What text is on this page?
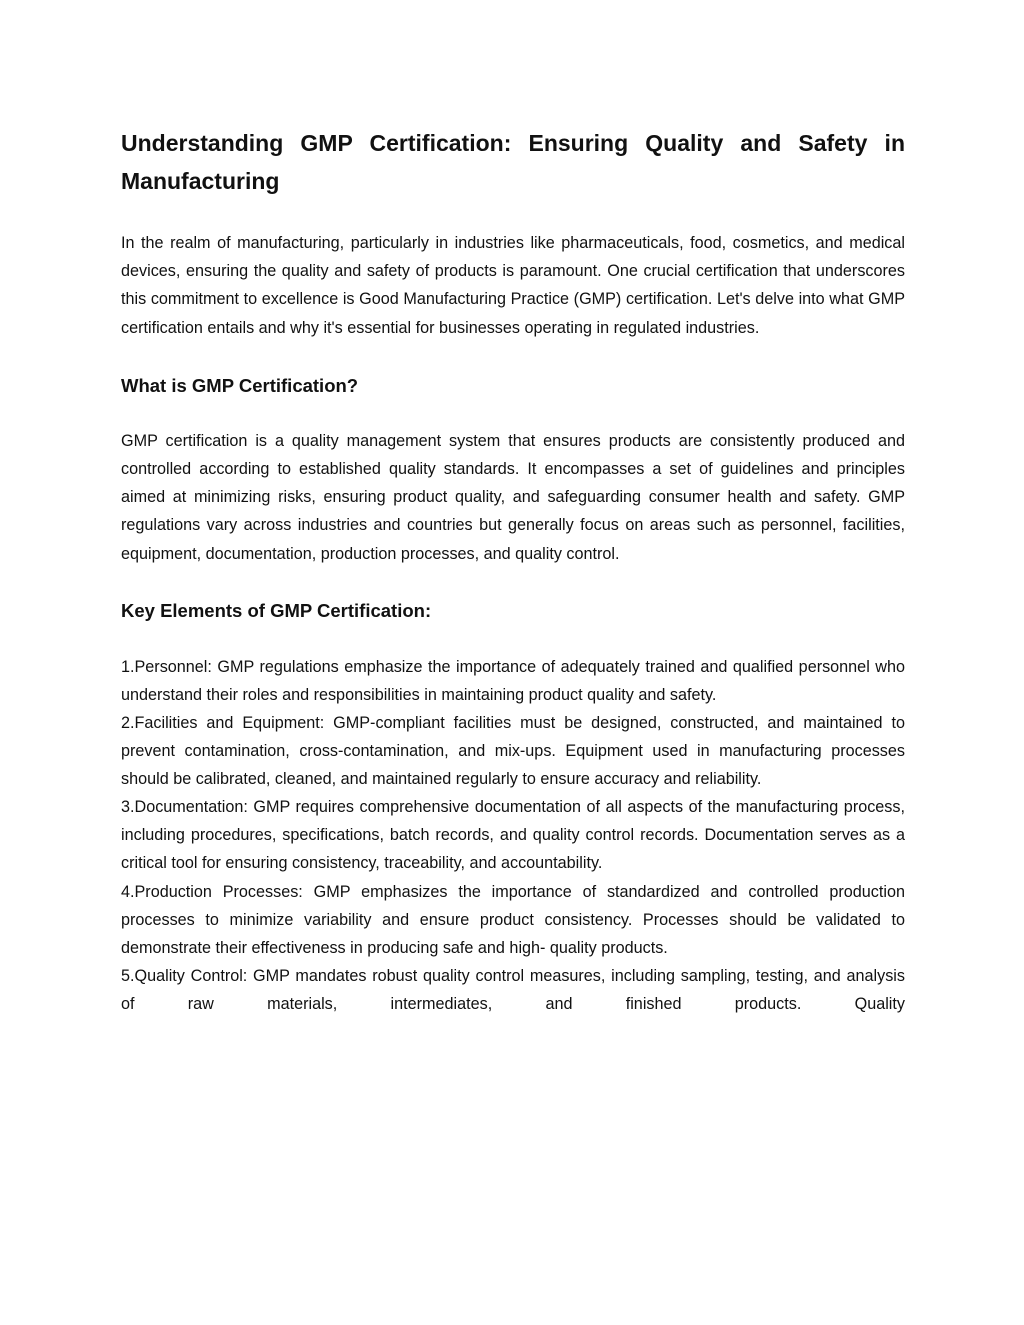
Understanding GMP Certification: Ensuring Quality and Safety in Manufacturing

In the realm of manufacturing, particularly in industries like pharmaceuticals, food, cosmetics, and medical devices, ensuring the quality and safety of products is paramount. One crucial certification that underscores this commitment to excellence is Good Manufacturing Practice (GMP) certification. Let's delve into what GMP certification entails and why it's essential for businesses operating in regulated industries.

What is GMP Certification?

GMP certification is a quality management system that ensures products are consistently produced and controlled according to established quality standards. It encompasses a set of guidelines and principles aimed at minimizing risks, ensuring product quality, and safeguarding consumer health and safety. GMP regulations vary across industries and countries but generally focus on areas such as personnel, facilities, equipment, documentation, production processes, and quality control.

Key Elements of GMP Certification:

1.Personnel: GMP regulations emphasize the importance of adequately trained and qualified personnel who understand their roles and responsibilities in maintaining product quality and safety.

2.Facilities and Equipment: GMP-compliant facilities must be designed, constructed, and maintained to prevent contamination, cross-contamination, and mix-ups. Equipment used in manufacturing processes should be calibrated, cleaned, and maintained regularly to ensure accuracy and reliability.

3.Documentation: GMP requires comprehensive documentation of all aspects of the manufacturing process, including procedures, specifications, batch records, and quality control records. Documentation serves as a critical tool for ensuring consistency, traceability, and accountability.

4.Production Processes: GMP emphasizes the importance of standardized and controlled production processes to minimize variability and ensure product consistency. Processes should be validated to demonstrate their effectiveness in producing safe and high- quality products.

5.Quality Control: GMP mandates robust quality control measures, including sampling, testing, and analysis of raw materials, intermediates, and finished products. Quality
